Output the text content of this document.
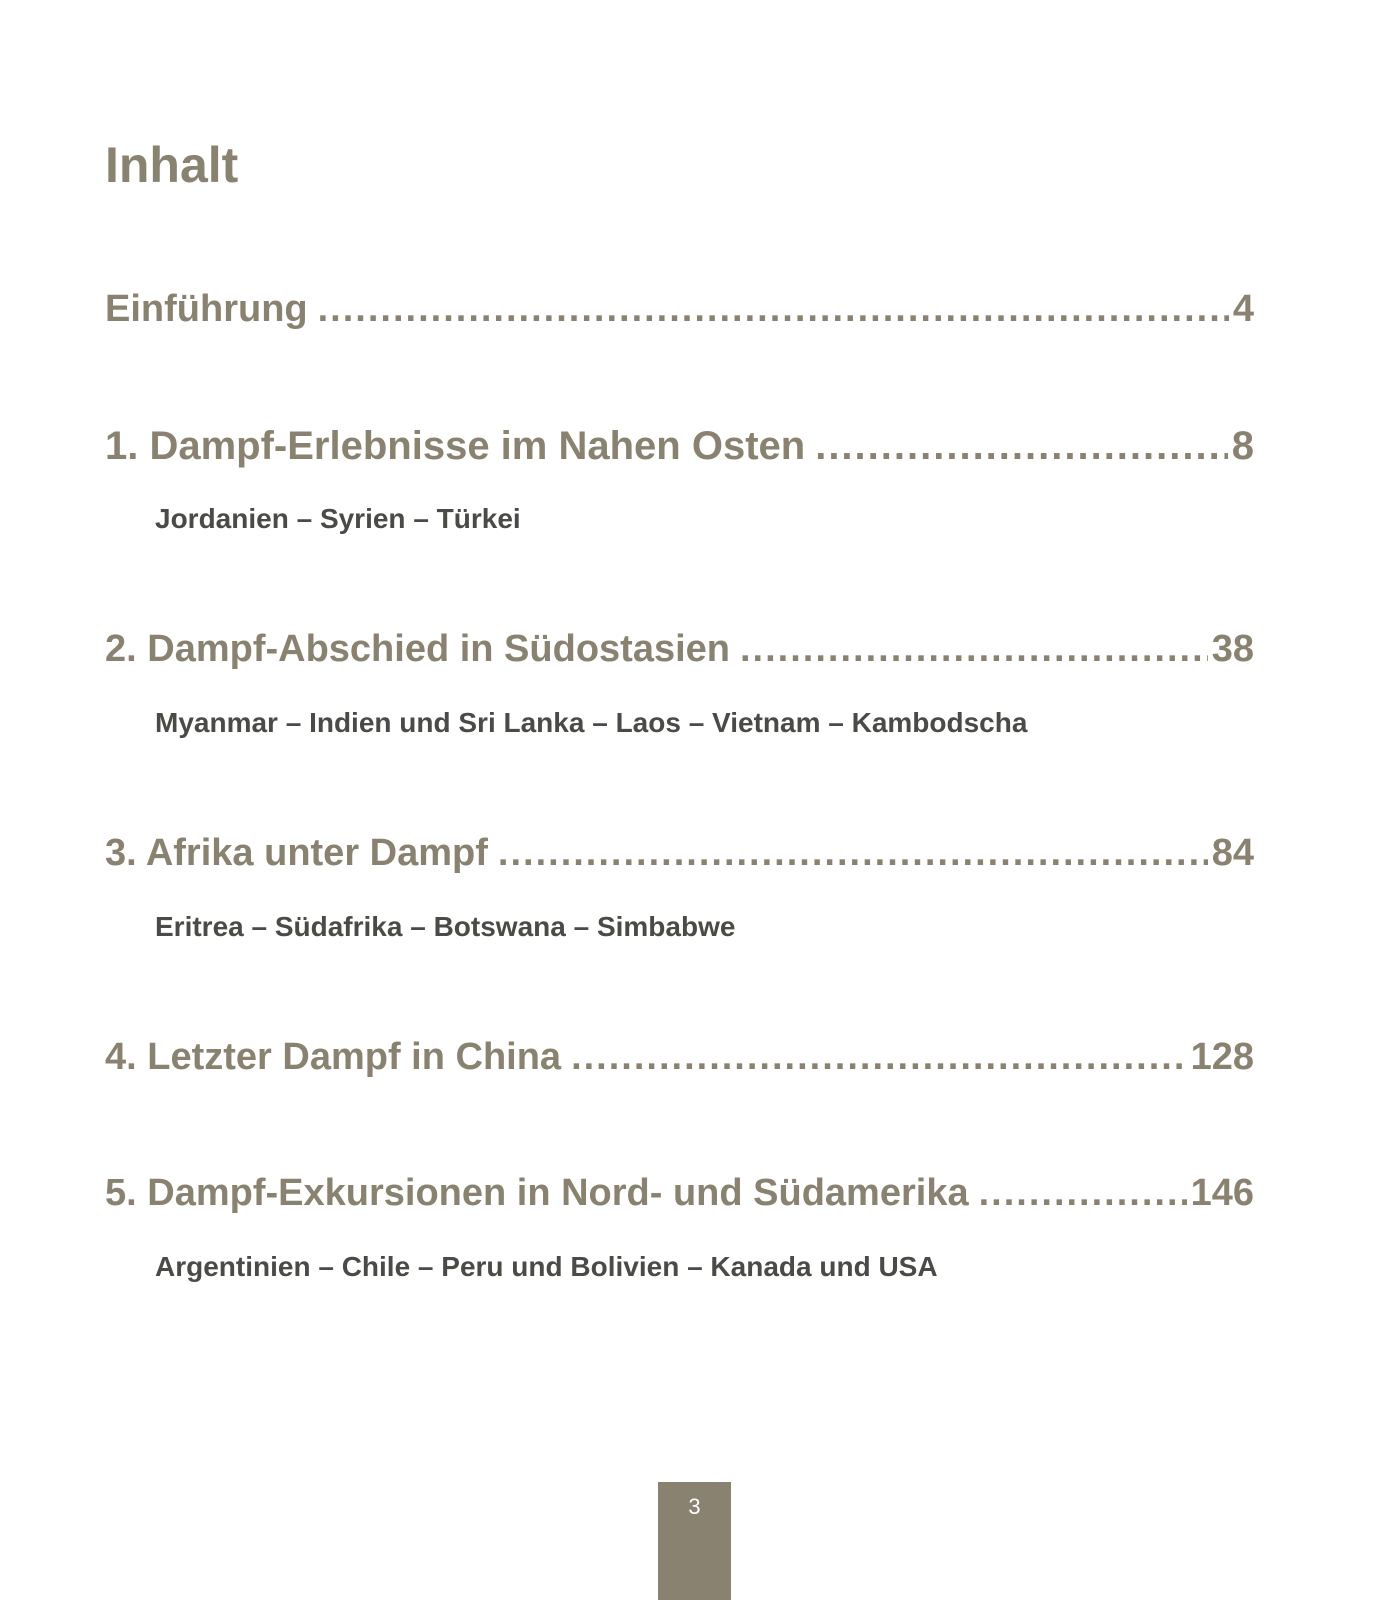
Inhalt
Einführung .....	4
1. Dampf-Erlebnisse im Nahen Osten .....	8

Jordanien – Syrien – Türkei

2. Dampf-Abschied in Südostasien .....	38

Myanmar – Indien und Sri Lanka – Laos – Vietnam – Kambodscha

3. Afrika unter Dampf .....	84

Eritrea – Südafrika – Botswana – Simbabwe

4. Letzter Dampf in China .....	128
5. Dampf-Exkursionen in Nord- und Südamerika .....	146

Argentinien – Chile – Peru und Bolivien – Kanada und USA

3
